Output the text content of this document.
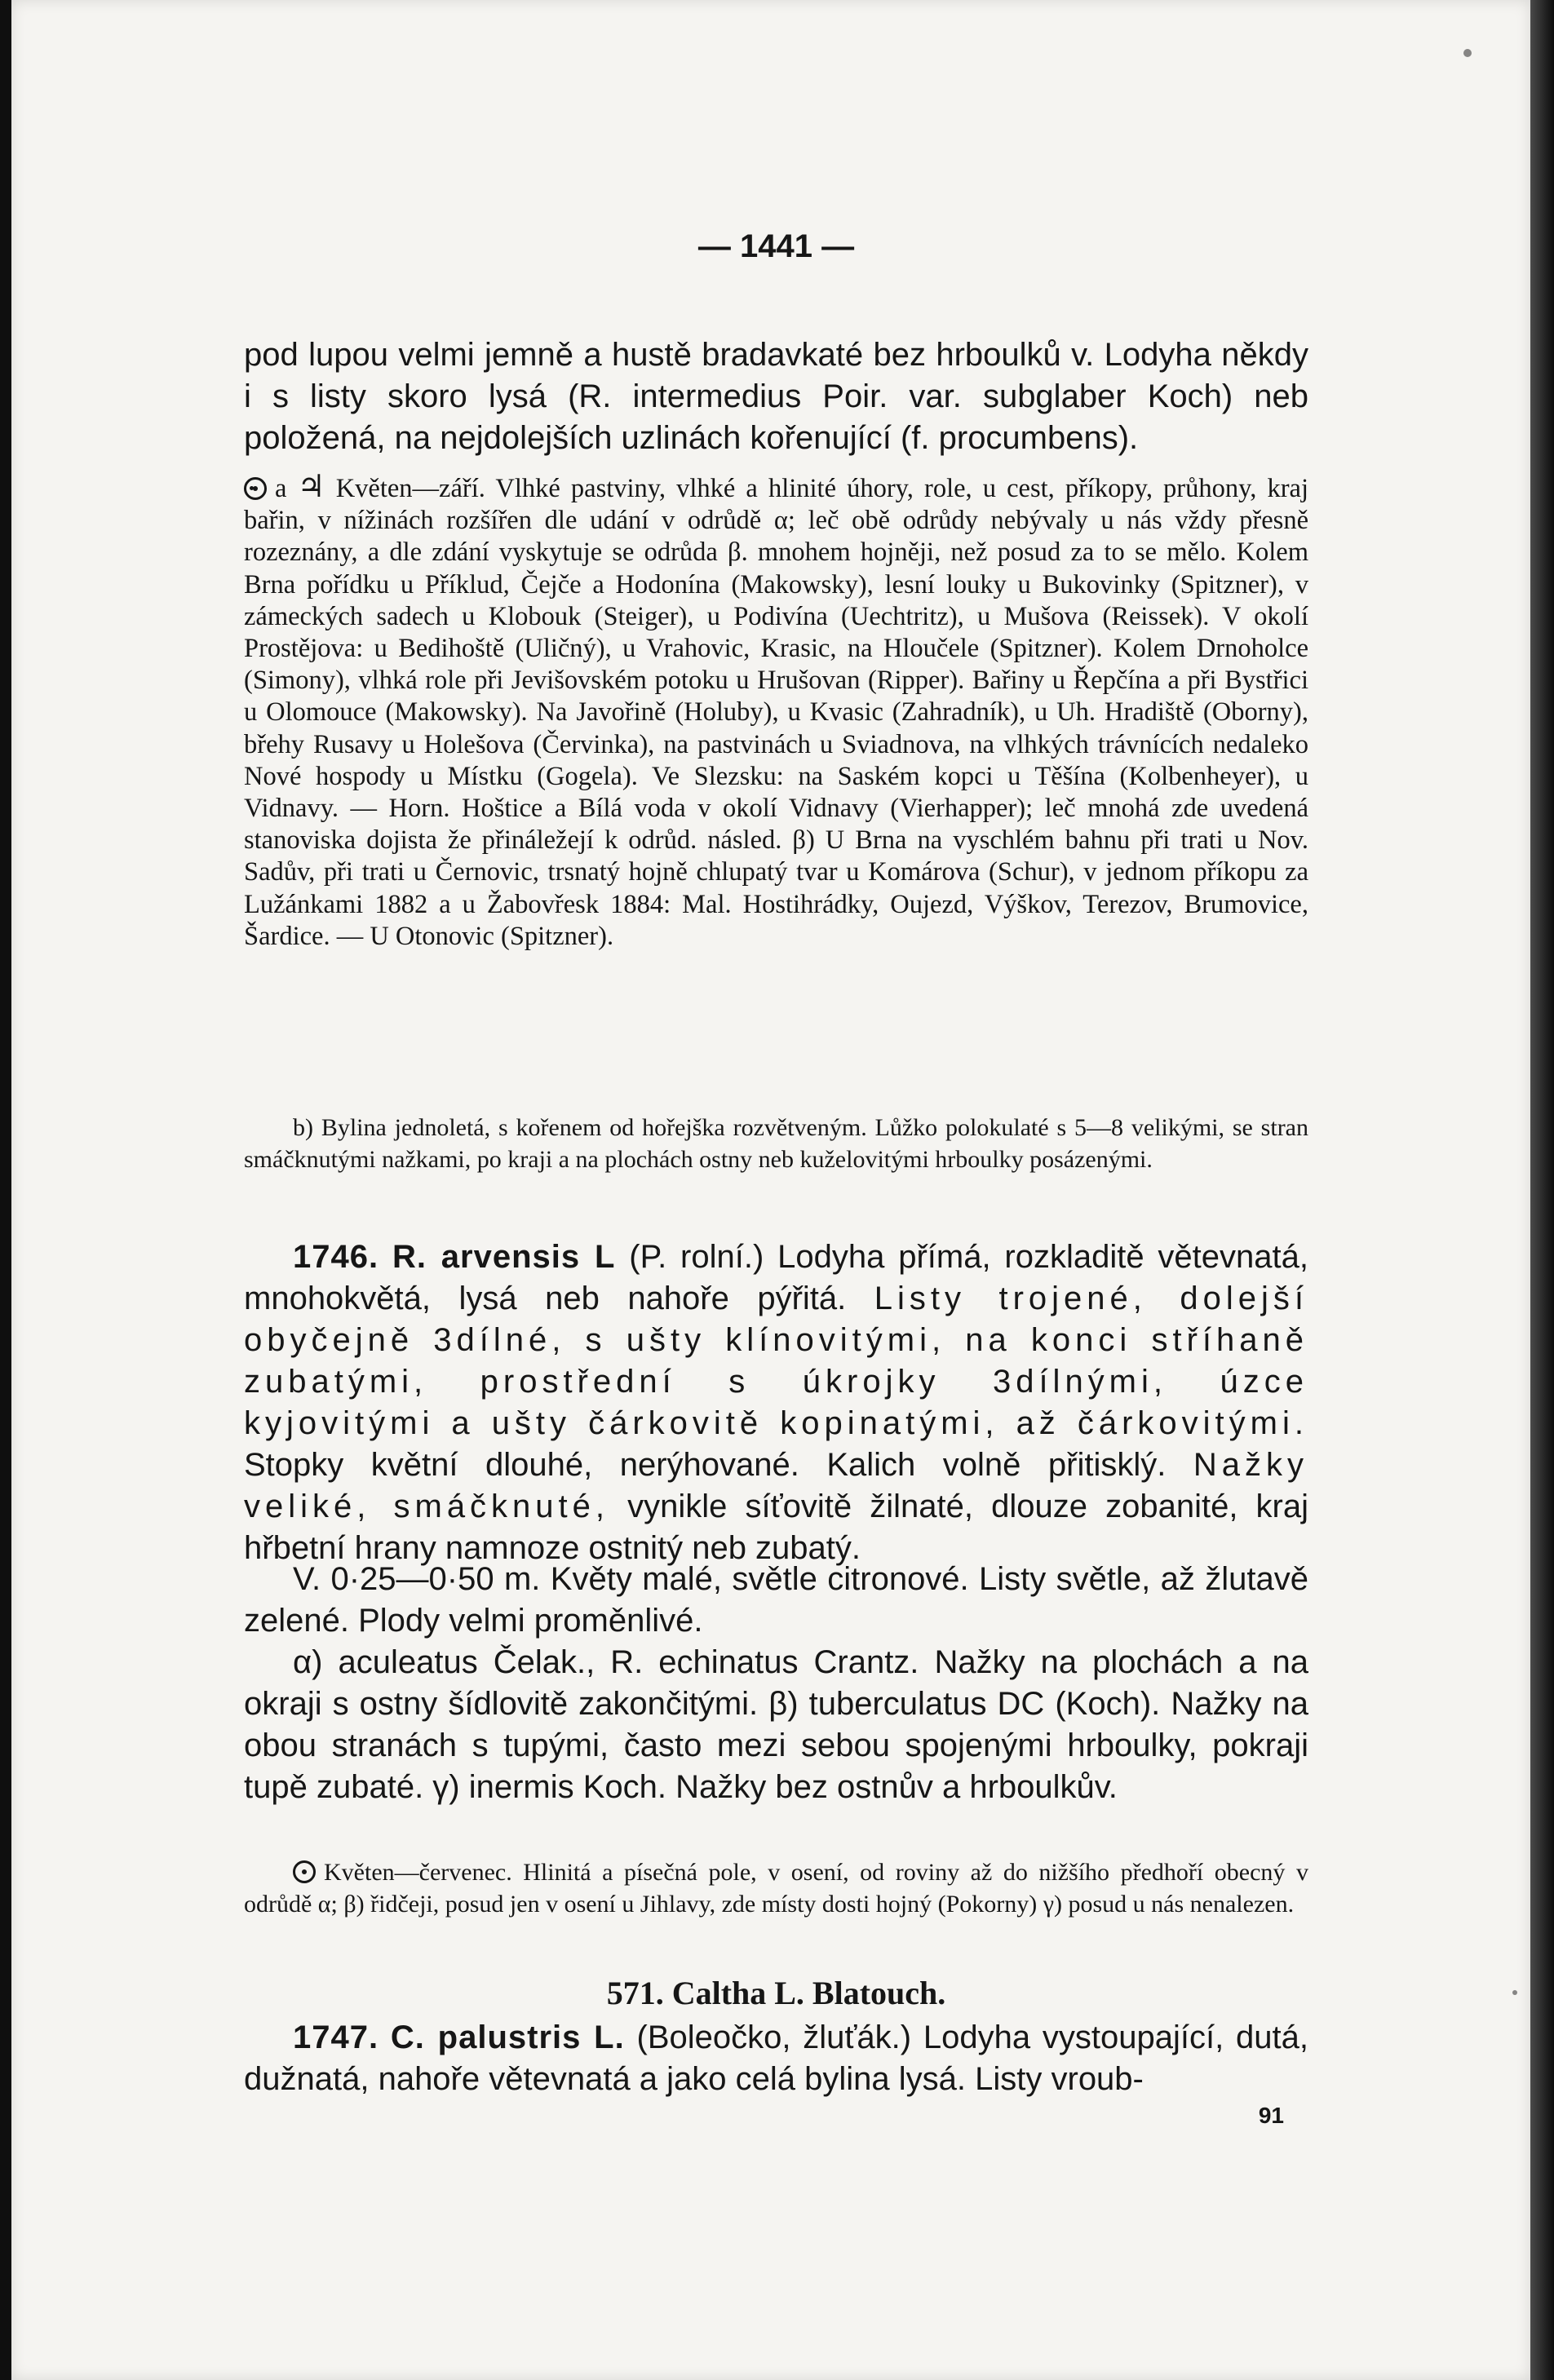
— 1441 —
pod lupou velmi jemně a hustě bradavkaté bez hrboulků v. Lodyha někdy i s listy skoro lysá (R. intermedius Poir. var. subglaber Koch) neb položená, na nejdolejších uzlinách kořenující (f. procumbens).
a ♃ Květen—září. Vlhké pastviny, vlhké a hlinité úhory, role, u cest, příkopy, průhony, kraj bařin, v nížinách rozšířen dle udání v odrůdě α; leč obě odrůdy nebývaly u nás vždy přesně rozeznány, a dle zdání vyskytuje se odrůda β. mnohem hojněji, než posud za to se mělo. Kolem Brna pořídku u Příklud, Čejče a Hodonína (Makowsky), lesní louky u Bukovinky (Spitzner), v zámeckých sadech u Klobouk (Steiger), u Podivína (Uechtritz), u Mušova (Reissek). V okolí Prostějova: u Bedihoště (Uličný), u Vrahovic, Krasic, na Hloučele (Spitzner). Kolem Drnoholce (Simony), vlhká role při Jevišovském potoku u Hrušovan (Ripper). Bařiny u Řepčína a při Bystřici u Olomouce (Makowsky). Na Javořině (Holuby), u Kvasic (Zahradník), u Uh. Hradiště (Oborny), břehy Rusavy u Holešova (Červinka), na pastvinách u Sviadnova, na vlhkých trávnících nedaleko Nové hospody u Místku (Gogela). Ve Slezsku: na Saském kopci u Těšína (Kolbenheyer), u Vidnavy. — Horn. Hoštice a Bílá voda v okolí Vidnavy (Vierhapper); leč mnohá zde uvedená stanoviska dojista že přináležejí k odrůd. násled. β) U Brna na vyschlém bahnu při trati u Nov. Sadův, při trati u Černovic, trsnatý hojně chlupatý tvar u Komárova (Schur), v jednom příkopu za Lužánkami 1882 a u Žabovřesk 1884: Mal. Hostihrádky, Oujezd, Výškov, Terezov, Brumovice, Šardice. — U Otonovic (Spitzner).
b) Bylina jednoletá, s kořenem od hořejška rozvětveným. Lůžko polokulaté s 5—8 velikými, se stran smáčknutými nažkami, po kraji a na plochách ostny neb kuželovitými hrboulky posázenými.
1746. R. arvensis L (P. rolní.) Lodyha přímá, rozkladitě větevnatá, mnohokvětá, lysá neb nahoře pýřitá. Listy trojené, dolejší obyčejně 3dílné, s ušty klínovitými, na konci stříhaně zubatými, prostřední s úkrojky 3dílnými, úzce kyjovitými a ušty čárkovitě kopinatými, až čárkovitými. Stopky květní dlouhé, nerýhované. Kalich volně přitisklý. Nažky veliké, smáčknuté, vynikle síťovitě žilnaté, dlouze zobanité, kraj hřbetní hrany namnoze ostnitý neb zubatý.
V. 0·25—0·50 m. Květy malé, světle citronové. Listy světle, až žlutavě zelené. Plody velmi proměnlivé.
α) aculeatus Čelak., R. echinatus Crantz. Nažky na plochách a na okraji s ostny šídlovitě zakončitými. β) tuberculatus DC (Koch). Nažky na obou stranách s tupými, často mezi sebou spojenými hrboulky, pokraji tupě zubaté. γ) inermis Koch. Nažky bez ostnův a hrboulkův.
Květen—červenec. Hlinitá a písečná pole, v osení, od roviny až do nižšího předhoří obecný v odrůdě α; β) řidčeji, posud jen v osení u Jihlavy, zde místy dosti hojný (Pokorny) γ) posud u nás nenalezen.
571. Caltha L. Blatouch.
1747. C. palustris L. (Boleočko, žluťák.) Lodyha vystoupající, dutá, dužnatá, nahoře větevnatá a jako celá bylina lysá. Listy vroub-
91
